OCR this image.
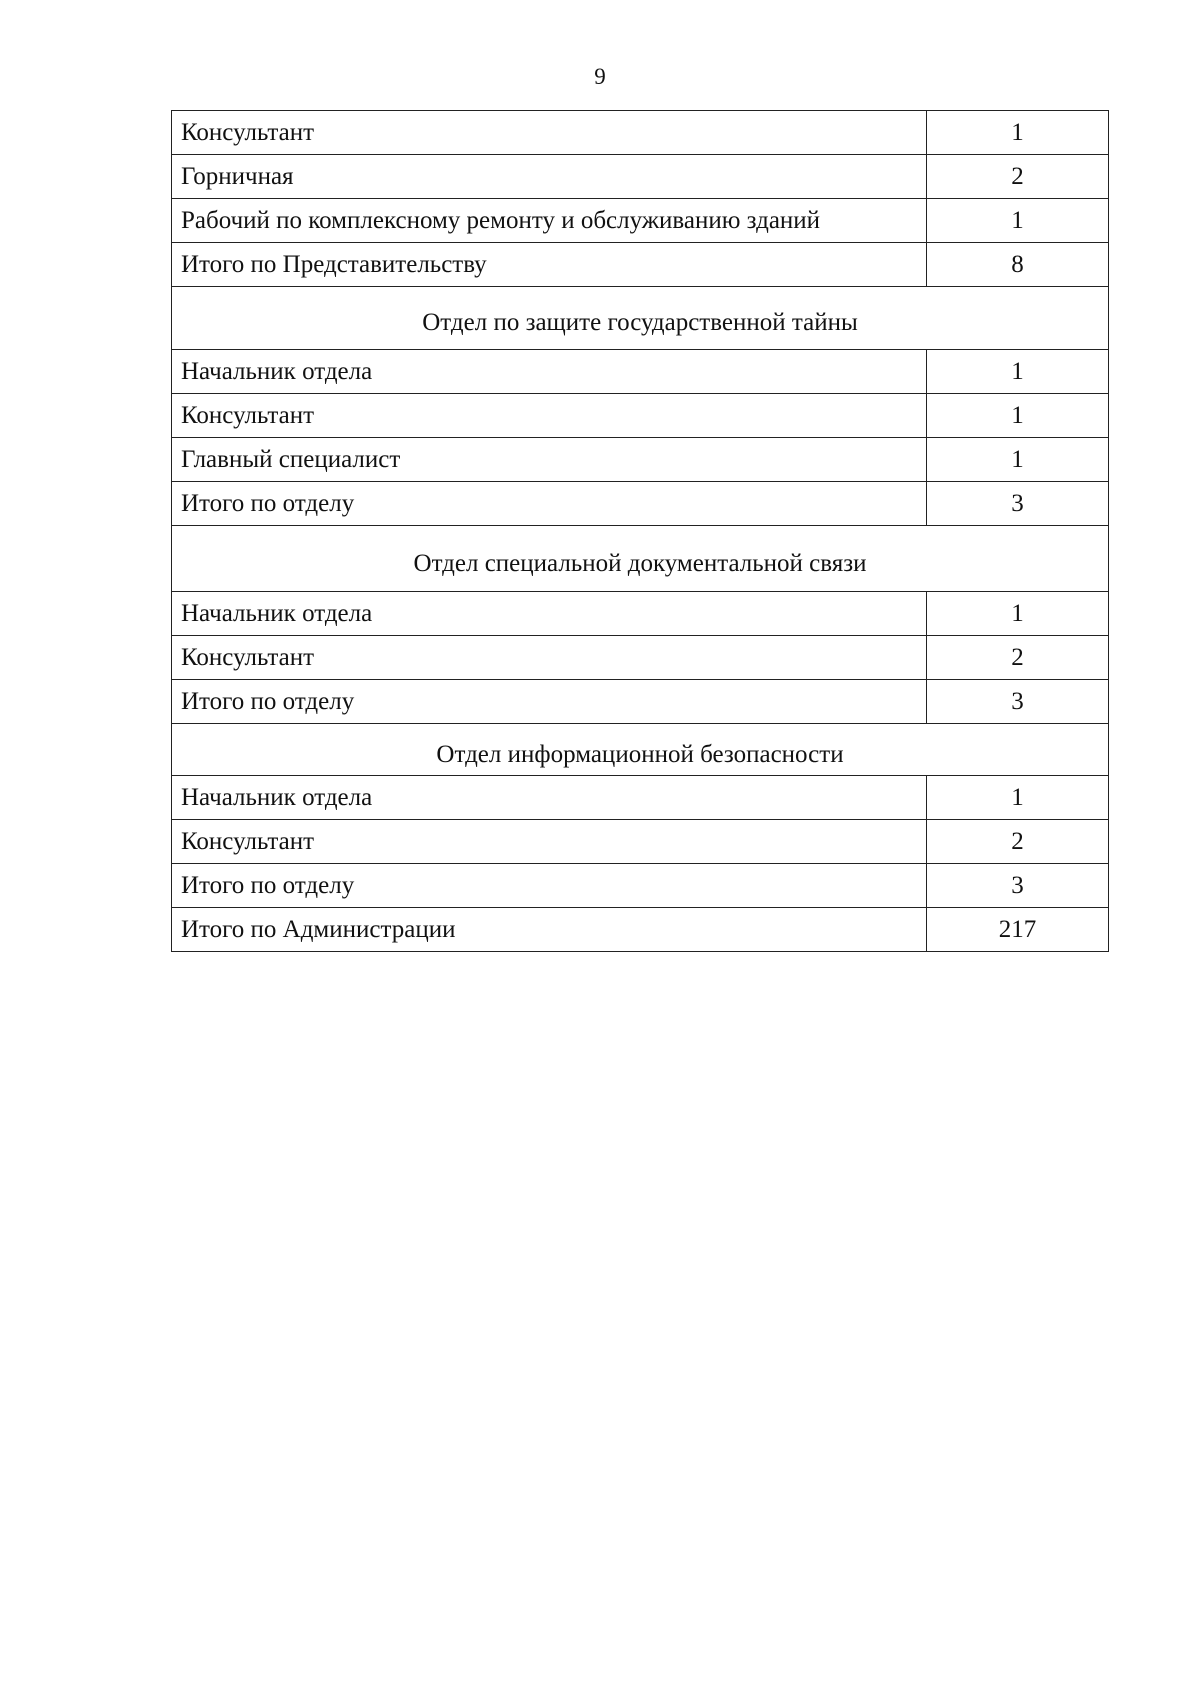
9
Консультант	1
Горничная	2
Рабочий по комплексному ремонту и обслуживанию зданий	1
Итого по Представительству	8
Отдел по защите государственной тайны	
Начальник отдела	1
Консультант	1
Главный специалист	1
Итого по отделу	3
Отдел специальной документальной связи	
Начальник отдела	1
Консультант	2
Итого по отделу	3
Отдел информационной безопасности	
Начальник отдела	1
Консультант	2
Итого по отделу	3
Итого по Администрации	217
